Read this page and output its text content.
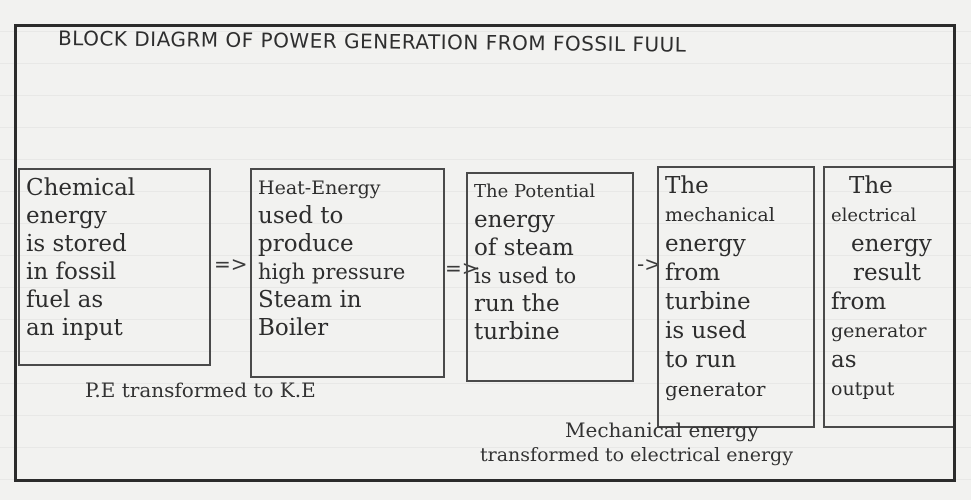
BLOCK DIAGRM OF POWER GENERATION FROM FOSSIL FUUL
Chemical
energy
is stored
in fossil
fuel as
an input
=>
Heat-Energy
used to
produce
high pressure
Steam in
Boiler
=>
The Potential
energy
of steam
is used to
run the
turbine
->
The
mechanical
energy
from
turbine
is used
to run
generator
The
electrical
energy
result
from
generator
as
output
P.E transformed to K.E
Mechanical energy
transformed to electrical energy
